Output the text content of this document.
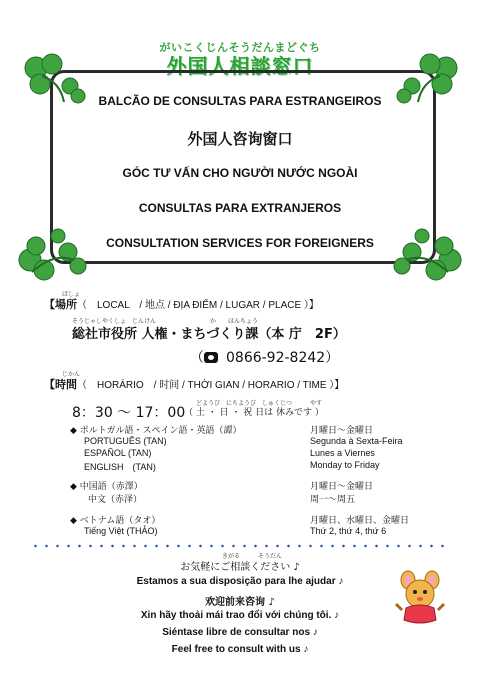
がいこくじんそうだんまどぐち
外国人相談窓口
BALCÃO DE CONSULTAS PARA ESTRANGEIROS
外国人咨询窗口
GÓC TƯ VẤN CHO NGƯỜI NƯỚC NGOÀI
CONSULTAS PARA EXTRANJEROS
CONSULTATION SERVICES FOR FOREIGNERS
ばしょ
【場所（　LOCAL　/ 地点 / ĐỊA ĐIỂM / LUGAR / PLACE ）】
そうじゃしやくしょ　じんけん　　　　　　　　　か　　ほんちょう
総社市役所 人権・まちづくり課（本 庁　2F）
（ 0866-92-8242）
じかん
【時間（　HORÁRIO　/ 时间 / THỜI GIAN / HORARIO / TIME ）】
8：30 ～ 17：00
どようび　にちようび　しゅくじつ　　　やす
（ 土 ・ 日 ・ 祝 日は 休みです ）
◆ ポルトガル語・スペイン語・英語（譚）	月曜日～金曜日
PORTUGUÊS (TAN)	Segunda à Sexta-Feira
ESPAÑOL (TAN)	Lunes a Viernes
ENGLISH　(TAN)	Monday to Friday
◆ 中国語（赤澤）	月曜日～金曜日
中文（赤泽）	周一～周五
◆ ベトナム語（タオ）	月曜日、水曜日、金曜日
Tiếng Việt (THẢO)	Thứ 2, thứ 4, thứ 6
きがる　　　そうだん
お気軽にご相談ください ♪
Estamos a sua disposição para lhe ajudar ♪
欢迎前来咨询 ♪
Xin hãy thoải mái trao đổi với chúng tôi. ♪
Siéntase libre de consultar nos ♪
Feel free to consult with us ♪
